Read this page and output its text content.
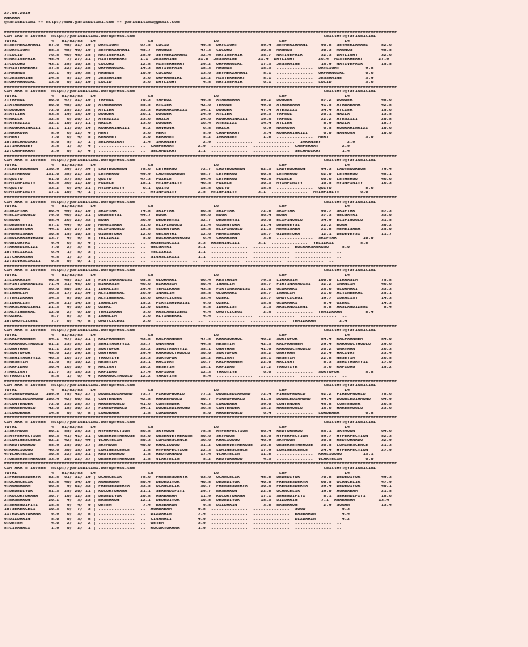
27.08.2019
ANKARA
@YarisBilimi -- http://www.yarisbilimi.com -- yarisbilimi@gmail.com
######################################################################################################################################################
CIM IKO = 167893  http://yarisbilimi.wordpress.com                                                                        twitter:@YarisBilimi
TOTAL             %   81/82/83   L4                    L5                       L6                       L8F                      L4
5:SEYMEKZAMANI   87.6  48/ 31/ 19 | DAYLIGHT        67.5  LUCID            49.8  DAYLIGHT         59.4  SEYMEKZAMANI     96.8  SEYMEKZAMANI     82.6
3:DAYLIGHT       85.3  48/ 46/ 19 | SEYMEKZAMANI    45.7  MAGNUS           47.3  CUCURU           30.5  MAGNUS           30.3  MAGNUS           48.5
7:LUCID          76.5  46/ 45/ 25 | NATIVEFAIR      28.9  SEYMEKZAMANI     32.4  NATIVEFAIR       35.7  NATIVEFAIR       32.3  DAYLIGHT         32.6
9:NATIVEFAIR     45.4   7/ 27/ 21 | MISTERHEART     1.1  JESSAMINE        31.8  JESSAMINE        21.4  DAYLIGHT         26.4  MISTERHEART      27.9
1:CUCURU         43.1  28/ 16/ 18 | CUCURU          12.8  MISTERHEART      29.2  ORPHANGIRL       17.3  JESSAMINE        15.9  NATIVEFAIR       15.5
4:MISTERHEART    37.5  22/ 22/ 28 | ORPHANGIRL      14.3  NATIVEFAIR       18.3  MAGNUS           15.3  ..............  DAYLIGHT          9.8
2:MAGNUS         26.1   9/ 19/ 38 | MAGNUS          10.9  CUCURU           13.6  SEYMEKZAMANI      8.1  ..............  ORPHANGIRL        6.6
6:JESSAMINE      24.5   5/ 11/ 34 | JESSAMINE        3.6  ORPHANGIRL       13.2  MISTERHEART       8.1  ..............  JESSAMINE         3.9
8:ORPHANGIRL     13.0   0/ 12/ 19 | LUCID            3.6  DAYLIGHT          4.8  NATIVEFAIR        6.1  ..............  LUCID             3.6
######################################################################################################################################################
CIM ARA = 167888  http://yarisbilimi.wordpress.com                                                                        twitter:@YarisBilimi
TOTAL             %   81/82/83   L4                    L5                       L6                       L8F                      L4
7:YAPBOZ         80.6  47/ 31/ 19 | YAPBOZ          70.3  YAPBOZ           49.8  ATABABAMA        59.2  DOGUER           87.2  DOGUER           48.6
1:ATABABAMA      80.0  48/ 15/ 10 | ATABABAMA       55.5  ATLIER           42.6  TERGOE           49.6  ATABABAMA        41.5  ATABABAMA        42.8
6:DOGUER         72.0  25/ 22/ 28 | ATLIER          33.3  ROGKARINKIZI     34.1  DOGUER           47.4  ATESZIZI         34.4  ATLIER           15.6
3:ATLIER         53.5  19/ 15/ 19 | DOGUER          26.1  DOGUER           24.9  ATLIER           29.3  YAPBOZ           26.1  NAZLA            13.5
4:NAZLA          32.5   6/ 26/ 17 | ATESZIZI        23.6  NAZLA            24.6  ROGKARINKIZI     19.5  YAPBOZ           22.2  ATESZIZI         20.8
8:ATESZIZI       32.1  10/ 17/ 11 | NAZLA           13.6  DOGUER           16.4  ATESZIZI         14.4  ATLIER            8.9  NAZLA            18.7
5:ROGKARINKIZI   31.1  11/ 26/ 14 | ROGKARINKIZI     8.2  NAVROVA           6.8  NAZLA             6.9  NAVROVA           6.5  ROGKARINKIZI     10.6
2:NAVROVA         8.9   6/ 12/  4 | MERT             3.6  MERT              5.9  CANFERAAT         3.4  ROGKARINKIZI      6.0  NAVROVA          10.0
9:MERT            7.0   6/  4/  5 | KERAMET          3.0  KERAMET           5.2  IMKANSEY          1.8  ..............  MERT              3.0
10:SELAMDIKAT     5.0   5/  1/  1 | SELAMDIKAT       1.4  IMKANSEY          2.9  ..............  ..............  IMKANSEY          2.9
11:IMKANSEY       3.5   1/  3/  4 | ..............  ..  CANFERAAT         2.9  ..............  ..............  CANFERAAT         2.9
12:CANFERAAT      2.9   0/  1/  4 | ..............  ..  SELAMDIKAT        1.1  ..............  ..............  SELAMDIKAT        1.4
######################################################################################################################################################
CIM ARA = 167888  http://yarisbilimi.wordpress.com                                                                        twitter:@YarisBilimi
TOTAL             %   81/82/83   L4                    L5                       L6                       L8F                      L4
7:LADYBOURBON   130.9  39/ 17/ 34 | LADYBOURBON     78.6  LETHERGO         72.7  LADYBOURBON      62.3  LADYBOURBON      94.3  LADYBOURBON      79.4
3:LETHERGO      131.0  38/ 21/ 28 | LETHERGO        49.9  LADYBOURBON      68.7  LETHERGO         60.5  LETHERGO         62.0  LETHERGO         48.1
5:QUITO          81.0  37/ 35/ 10 | QUITO           47.3  FUZELE           54.4  LETHERGO         40.5  FUZELE           66.6  LETHERGO         46.6
8:MYINFINITY     63.5  36/ 11/ 10 | FUZELE          18.1  MYINFINITY       46.5  FUZELE           30.3  MYINFINITY       16.5  MYINFINITY       16.3
4:QUITO          33.2   6/ 24/ 21 | MYINFINITY       6.1  QUITO            15.5  QUITO            15.5  ..............  QUITO             8.6
6:MYINFINITY     17.1  10/  4/  1 | ..............  ..  MYINFINITY        2.5  MYINFINITY        3.1  ..............  MYINFINITY        6.0
######################################################################################################################################################
CIM ARA = 167888  http://yarisbilimi.wordpress.com                                                                        twitter:@YarisBilimi
TOTAL             %   81/82/83   L4                    L5                       L6                       L8F                      L4
3:SKIPTAR        80.4  49/ 31/ 19 | SKIPTAR         74.8  SKIPTAR          86.8  SKIPTAR          72.8  SKIPTAR          96.7  SKIPTAR          57.3
4:ELIFINOGLU     79.6  46/ 31/ 21 | DEDEVEYSI       44.7  BUGA             59.6  BUGA             56.4  BUGA             37.3  GELGAYRI         33.0
6:BUGA           65.4  26/ 22/ 33 | BUGA            36.9  DEDEVEYSI        32.7  DEDEVEYSI        36.6  ELIFINOGLU       34.9  ELIFINOGLU       31.5
8:DEDEVEYSI      57.1  44/  9/ 20 | MEMEISABA       31.6  ELIFINOGLU       21.4  GIDENTURA        21.4  DEDEVEYSI        22.2  BUGA             30.2
1:GIDENTURA      44.1  16/ 27/ 19 | ELIFINOGLU      18.5  GIDENTURA        18.8  ELIFINOGLU       21.3  MEMEISABA        21.8  MEMEISABA        25.0
5:MEMEISABA      30.8  15/ 10/ 15 | GIDENTURA       12.6  GELGAYRI         12.6  MEMEISABA        18.7  GIDENTURA        12.1  DEDEVEYSI        11.7
2:BOLKARSAVRUSU  13.7   4/  9/  8 | YELIZKIZ         5.0  BOLKARSAVRUSU     6.4  CAKARSAN          3.8  ..............  SKIPTAR          10.0
9:GELGAYRI        9.4   6/  5/  4 | ..............  ..  ARSENINCIZI       3.3  ARSENINCIZI       3.1  ..............  YELIZKIZ          5.8
7:AKREDINCIZI     7.0   2/  3/  8 | ..............  ..  GELGAYRI          3.1  ..............  ..............  BOLKARSAVRUSU     5.0
10:YELIZKIZ       6.4   1/  5/  3 | ..............  ..  YELIZKIZ          1.1  ..............  ..............  ..............  ..
11:CAKARSAN       4.5   1/  2/  3 | ..............  ..  SIVASLIKIZI       1.1  ..............  ..............  ..............  ..
12:SIVASLIKIZI    0.5   0/  0/  1 | ..............  ..  ..............  ..  ..............  ..............  ..............  ..
######################################################################################################################################################
CIM ARA = 167888  http://yarisbilimi.wordpress.com                                                                        twitter:@YarisBilimi
TOTAL             %   81/82/83   L4                    L5                       L6                       L8F                      L4
1:LIKRASIM       90.8  45/ 31/ 15 | FIRTINAVADISI   65.8  GLORMAKI         66.4  RESTANIM         79.3  LIKRASIM        100.0  LIKRASIM         75.8
8:FIRTINAVADISI  71.4  31/ 45/ 16 | BIRRASIM        46.6  BIRRASIM         50.4  INANLIM          35.7  FIRTINAVADISI    32.2  INANLIM          46.6
6:GLORMAKI       56.0  50/ 19/ 21 | IDEALIST        29.4  TEMIZKAAN        43.8  FIRTINAVADISI    31.6  GLORMAKI         25.6  GLORMAKI         33.3
5:INANLIM        36.3  17/ 21/ 34 | ALTINBEKAL      26.9  INANLIM          38.8  GLORMAKI         28.7  INANLIM          21.6  ALTINBEKAL       25.1
7:TEMIZKAAN      34.3   8/ 30/ 25 | ALTINBEKAL      16.6  UMUTCICEGI       33.4  OZEKL            23.7  UMUTCICEGI       19.7  IDEALIST         14.3
3:IDEALIST       24.5  21/ 14/ 15 | INANLIM         15.2  FIRTINAVADISI     9.6  OZEKL            15.5  GLORMAKI          8.4  OZEKL            14.3
4:ARSLANDIZENI   21.3   9/ 16/ 16 | OZEKL           12.0  OZEKL             5.8  IDEALIST          2.3  ARSLANDIZENI      5.8  ARSLANDIZENI      8.4
2:ALTINBEKAL     12.0   2/  6/ 10 | TEMIZKAAN        3.6  ARSLANDIZENI      4.4  UMUTCICEGI        2.5  ..............  TEMIZKAAN         8.4
9:OZEKL           8.7   8/  3/  8 | INANLIM          2.6  ALTINBEKAL        4.4  ..............  ..............  ..............  ..
10:UMUTCICEGI     7.7   0/  4/  8 | UMUTCICEGI       2.6  ..............  ..  ..............  ..............  TEMIZKAAN         2.4
######################################################################################################################################################
CIM ARA = 167888  http://yarisbilimi.wordpress.com                                                                        twitter:@YarisBilimi
TOTAL             %   81/82/83   L4                    L5                       L6                       L8F                      L4
3:KALFAANNEM     84.1  47/ 31/ 21 | KALFAANNEM      43.8  KALFAANNEM       47.8  KARASOKHOL       46.2  SOKTOPUR         84.4  KALFAANNEM       84.0
4:KARAGOCTHODLU  61.2  23/ 25/ 18 | SEHITAGAYYIZ    33.7  ONAYHAN          44.8  NESETIM          42.3  KALFAANNEM       29.4  KARAGOCTHODLU    29.6
1:ONAYHAN        61.1  23/ 29/ 10 | SOKTOPUR        33.2  SEHITAGAYYIZ     35.1  ONAYHAN          41.6  KARAGOCTHODLU    26.2  ONAYHAN          26.3
9:SOKTOPUR       45.6  12/ 29/ 18 | ONAYHAN         29.4  KARAGOCTHODLU    30.0  SOKTOPUR         35.2  ONAYHAN          22.4  HACIVAT          23.4
4:SEHITAGAYYIZ   46.3  16/ 17/ 19 | YAKUTIYE        23.3  SOKTOPUR         18.2  HACIVAT          25.1  NESETIM          22.8  NESETIM          26.5
8:NESETIM        31.6   8/ 16/ 12 | NESETIM         23.1  HACIVAT          16.7  KALFAANNEM       22.0  HACIVAT           8.3  SEHITAGAYYIZ     17.0
2:KAPIDAG        30.4  16/ 10/  9 | HACIVAT         20.2  NESETIM          15.1  KAPIDAG          17.2  YAKUTIYE          3.6  KAPIDAG          15.2
7:HACIVAT        21.7   3/ 15/ 23 | KAPIDAG         17.4  KAPIDAG          12.3  YAKUTIYE          6.6  ..............  SOKTOPUR          5.8
6:YAKUTIYE        8.5   1/  6/  4 | KARAGOCTHODLU   12.2  YAKUTIYE          8.4  ..............  ..............  ..............  ..
######################################################################################################################################################
CIM ARA = 167888  http://yarisbilimi.wordpress.com                                                                        twitter:@YarisBilimi
TOTAL             %   81/82/83   L4                    L5                       L6                       L8F                      L4
2:FIREOFWORLD   109.9  75/ 42/ 27 | DOUBLEDIAMOND   73.7  FIREOFWORLD      77.2  DOUBLEDIAMOND    72.4  FIREOFWORLD      92.2  FIREOFWORLD      78.6
4:DOUBLEDIAMOND 106.4  42/ 60/ 52 | CONTENDER       42.8  HAKEEMOGLU       50.7  FIREOFWORLD      51.5  DOUBLEDIAMOND    54.4  DOUBLEDIAMOND    64.9
3:CONTENDER      72.0  23/ 28/ 37 | HAKEEMOGLU      41.6  CONTENDER        43.3  LORDBABA         39.6  CONTENDER        45.8  CONTENDER        26.5
5:HAKEEMOGLU     42.6  18/ 30/ 27 | FIREOFWORLD     34.1  DOUBLEDIAMOND    36.5  CONTENDER        15.2  HAKEEMOGLU       15.6  HAKEEMOGLU       23.6
1:LORDBABA       14.8   0/  6/  8 | LORDBABA         1.8  LORDBABA          8.0  HAKEEMOGLU        6.4  ..............  LORDBABA          6.8
######################################################################################################################################################
CIM ARA = 167888  http://yarisbilimi.wordpress.com                                                                        twitter:@YarisBilimi
TOTAL             %   81/82/83   L4                    L5                       L6                       L8F                      L4
1:SKYMOON        80.1  55/ 25/ 23 | HYPERFECTION    86.8  SKYMOON          78.8  HYPERFECTION     66.4  REDTORNADO       85.1  SKYMOON          64.6
3:HYPERFECTION   80.3  41/ 41/ 21 | OBSERVETHEROSE  53.0  OBSERVETHEROSE   50.6  SKYMOON          53.6  HYPERFECTION     59.7  HYPERFECTION     52.3
2:LUMINESCENCE   62.2  42/ 52/ 44 | VLAKTELIN       50.3  LUMINESCENCE     36.6  KHALIOOGO        46.9  SKYMOON          36.5  REDTORNADO       32.9
5:REDTORNADO     55.9  25/ 30/ 27 | SKYMOON         40.0  KHALIOOGO        31.2  OBSERVETHEROSE   26.8  OBSERVETHEROSE   36.5  LUMINESCENCE     21.3
6:KHALIOOGO      46.6  30/ 15/ 19 | LUMINESCENCE     1.8  HYPERFECTION     22.3  LUMINESCENCE     17.9  LUMINESCENCE     24.4  HYPERFECTION     27.9
4:VLAKTELIN      30.5  22/ 15/ 21 | REDTORNADO       1.8  REDTORNADO       17.4  VLAKTELIN        11.8  ..............  KHALIOOGO        13.1
7:OBSERVETHEROSE 33.9  20/ 22/ 37 | OBSERVETHEROSE   1.8  VLAKTELIN         5.2  REDTORNADO        4.3  ..............  VLAKTELIN         6.0
######################################################################################################################################################
CIM ARA = 167888  http://yarisbilimi.wordpress.com                                                                        twitter:@YarisBilimi
TOTAL             %   81/82/83   L4                    L5                       L6                       L8F                      L4
1:PRENSESDERYA   82.5  61/ 31/ 19 | UCANCELIK       78.6  PRENSESDERYA     63.6  UCANCELIK        48.8  DEDEDIYOK        70.8  DEDEDIYOK        49.3
5:UCANCELIK      63.8  40/ 34/ 19 | AGABABAM        50.4  DEDEDIYOK        40.8  DEDEDIYOK        40.8  PRENSESDERYA     60.5  UCANCELIK        47.9
4:AGABABAM       66.5   9/ 62/ 33 | PRENSESDERYA    33.5  UCANCELIK        30.7  PRENSESDERYA     30.5  PRENSESDERYA     39.4  DEDEDIYOK        40.1
8:DEDEDIYOK      51.3  25/ 20/ 11 | KUCUKTURANA     21.1  SERENDIPITI      29.7  BASBARON         22.8  UCANCELIK        19.0  AGABABAM         21.5
7:KUCUKTURANA    30.7  10/ 12/ 25 | DEDEDIYOK       20.8  AGABABAM         11.9  KUCUKTURANA      17.1  SERENDIPITI       8.1  SERENDIPITI      18.6
2:BASBARON       20.1   4/  3/ 23 | BASBARON        12.1  DEDEDIYOK        10.8  DEDEDIYOK        18.3  DIZDARIN         7.1  AGABABAM         13.4
3:SERENDIPITI    15.5   9/  4/  9 | OETEM            7.4  BASBARON          9.5  DIZDARIN          3.8  BASBARON          2.9  SOGAN            13.4
10:SEREKCELI     10.3   6/  7/  3 | ..............  ..  AGABABAM          9.8  ..............  ..............  SOGU              9.3
11:KUCUKTURANA    9.9   6/  3/  8 | ..............  ..  DIZDARIN          7.4  ..............  ..............  BASBARON          4.4
9:DIZDARIN        5.0   0/  3/  8 | ..............  ..  CIVANALI          4.9  ..............  ..............  DIZDARIN          4.2
6:OETEM           4.0   2/  1/  2 | ..............  ..  OETEM             3.9  ..............  ..............  ..............  ..
8:CIVANALI        1.9   0/  2/  1 | ..............  ..  KUCUKTURANA       1.9  ..............  ..............  ..............  ..
